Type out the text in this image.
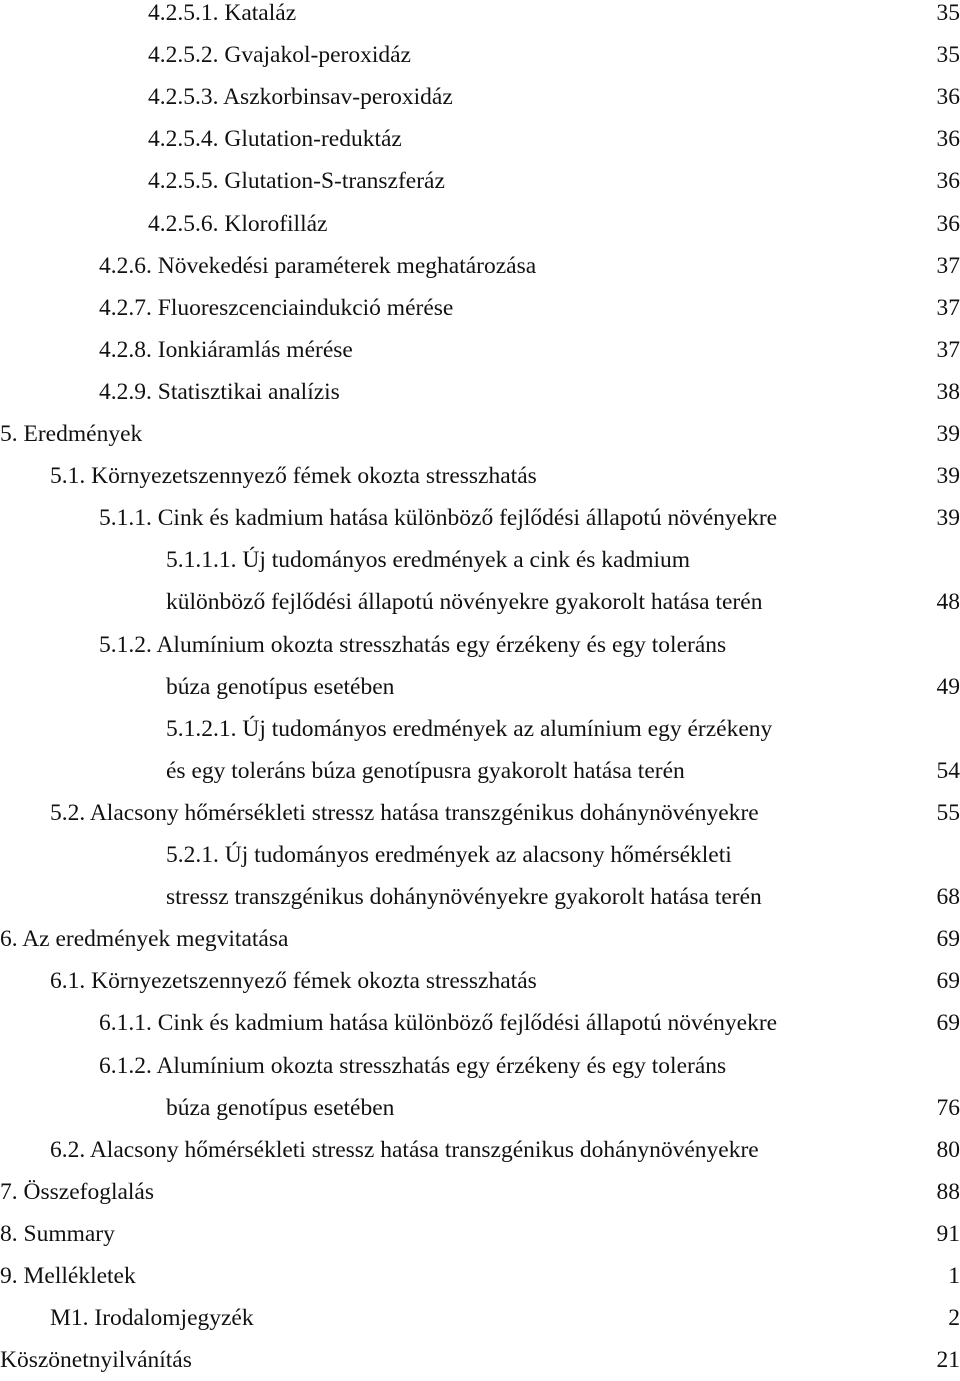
4.2.5.1. Kataláz	35
4.2.5.2. Gvajakol-peroxidáz	35
4.2.5.3. Aszkorbinsav-peroxidáz	36
4.2.5.4. Glutation-reduktáz	36
4.2.5.5. Glutation-S-transzferáz	36
4.2.5.6. Klorofilláz	36
4.2.6. Növekedési paraméterek meghatározása	37
4.2.7. Fluoreszcenciaindukció mérése	37
4.2.8. Ionkiáramlás mérése	37
4.2.9. Statisztikai analízis	38
5. Eredmények	39
5.1. Környezetszennyező fémek okozta stresszhatás	39
5.1.1. Cink és kadmium hatása különböző fejlődési állapotú növényekre	39
5.1.1.1. Új tudományos eredmények a cink és kadmium
különböző fejlődési állapotú növényekre gyakorolt hatása terén	48
5.1.2. Alumínium okozta stresszhatás egy érzékeny és egy toleráns
búza genotípus esetében	49
5.1.2.1. Új tudományos eredmények az alumínium egy érzékeny
és egy toleráns búza genotípusra gyakorolt hatása terén	54
5.2. Alacsony hőmérsékleti stressz hatása transzgénikus dohánynövényekre	55
5.2.1. Új tudományos eredmények az alacsony hőmérsékleti
stressz transzgénikus dohánynövényekre gyakorolt hatása terén	68
6. Az eredmények megvitatása	69
6.1. Környezetszennyező fémek okozta stresszhatás	69
6.1.1. Cink és kadmium hatása különböző fejlődési állapotú növényekre	69
6.1.2. Alumínium okozta stresszhatás egy érzékeny és egy toleráns
búza genotípus esetében	76
6.2. Alacsony hőmérsékleti stressz hatása transzgénikus dohánynövényekre	80
7. Összefoglalás	88
8. Summary	91
9. Mellékletek	1
M1. Irodalomjegyzék	2
Köszönetnyilvánítás	21
